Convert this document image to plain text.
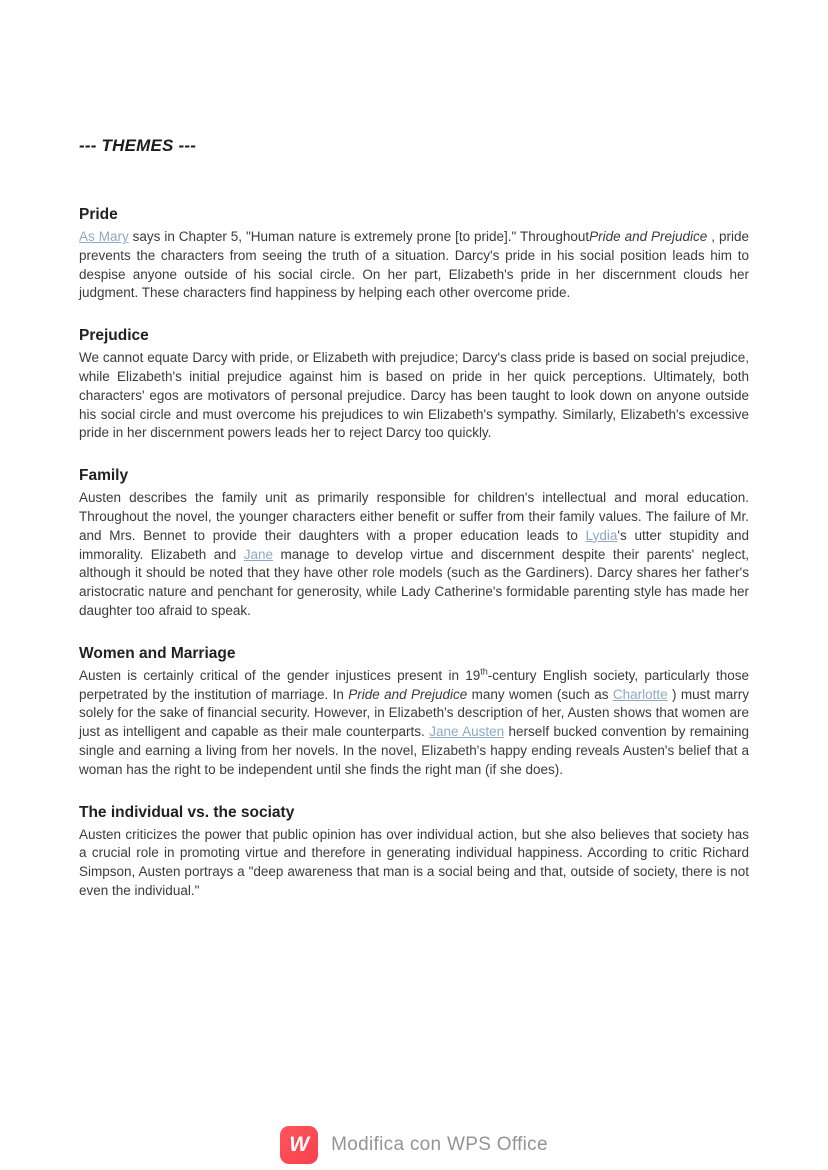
--- THEMES ---
Pride

As Mary says in Chapter 5, "Human nature is extremely prone [to pride]." ThroughoutPride and Prejudice , pride prevents the characters from seeing the truth of a situation. Darcy's pride in his social position leads him to despise anyone outside of his social circle. On her part, Elizabeth's pride in her discernment clouds her judgment. These characters find happiness by helping each other overcome pride.

Prejudice

We cannot equate Darcy with pride, or Elizabeth with prejudice; Darcy's class pride is based on social prejudice, while Elizabeth's initial prejudice against him is based on pride in her quick perceptions. Ultimately, both characters' egos are motivators of personal prejudice. Darcy has been taught to look down on anyone outside his social circle and must overcome his prejudices to win Elizabeth's sympathy. Similarly, Elizabeth's excessive pride in her discernment powers leads her to reject Darcy too quickly.

Family

Austen describes the family unit as primarily responsible for children's intellectual and moral education. Throughout the novel, the younger characters either benefit or suffer from their family values. The failure of Mr. and Mrs. Bennet to provide their daughters with a proper education leads to Lydia's utter stupidity and immorality. Elizabeth and Jane manage to develop virtue and discernment despite their parents' neglect, although it should be noted that they have other role models (such as the Gardiners). Darcy shares her father's aristocratic nature and penchant for generosity, while Lady Catherine's formidable parenting style has made her daughter too afraid to speak.

Women and Marriage

Austen is certainly critical of the gender injustices present in 19th-century English society, particularly those perpetrated by the institution of marriage. In Pride and Prejudice many women (such as Charlotte ) must marry solely for the sake of financial security. However, in Elizabeth's description of her, Austen shows that women are just as intelligent and capable as their male counterparts. Jane Austen herself bucked convention by remaining single and earning a living from her novels. In the novel, Elizabeth's happy ending reveals Austen's belief that a woman has the right to be independent until she finds the right man (if she does).

The individual vs. the sociaty

Austen criticizes the power that public opinion has over individual action, but she also believes that society has a crucial role in promoting virtue and therefore in generating individual happiness. According to critic Richard Simpson, Austen portrays a "deep awareness that man is a social being and that, outside of society, there is not even the individual."

W Modifica con WPS Office
